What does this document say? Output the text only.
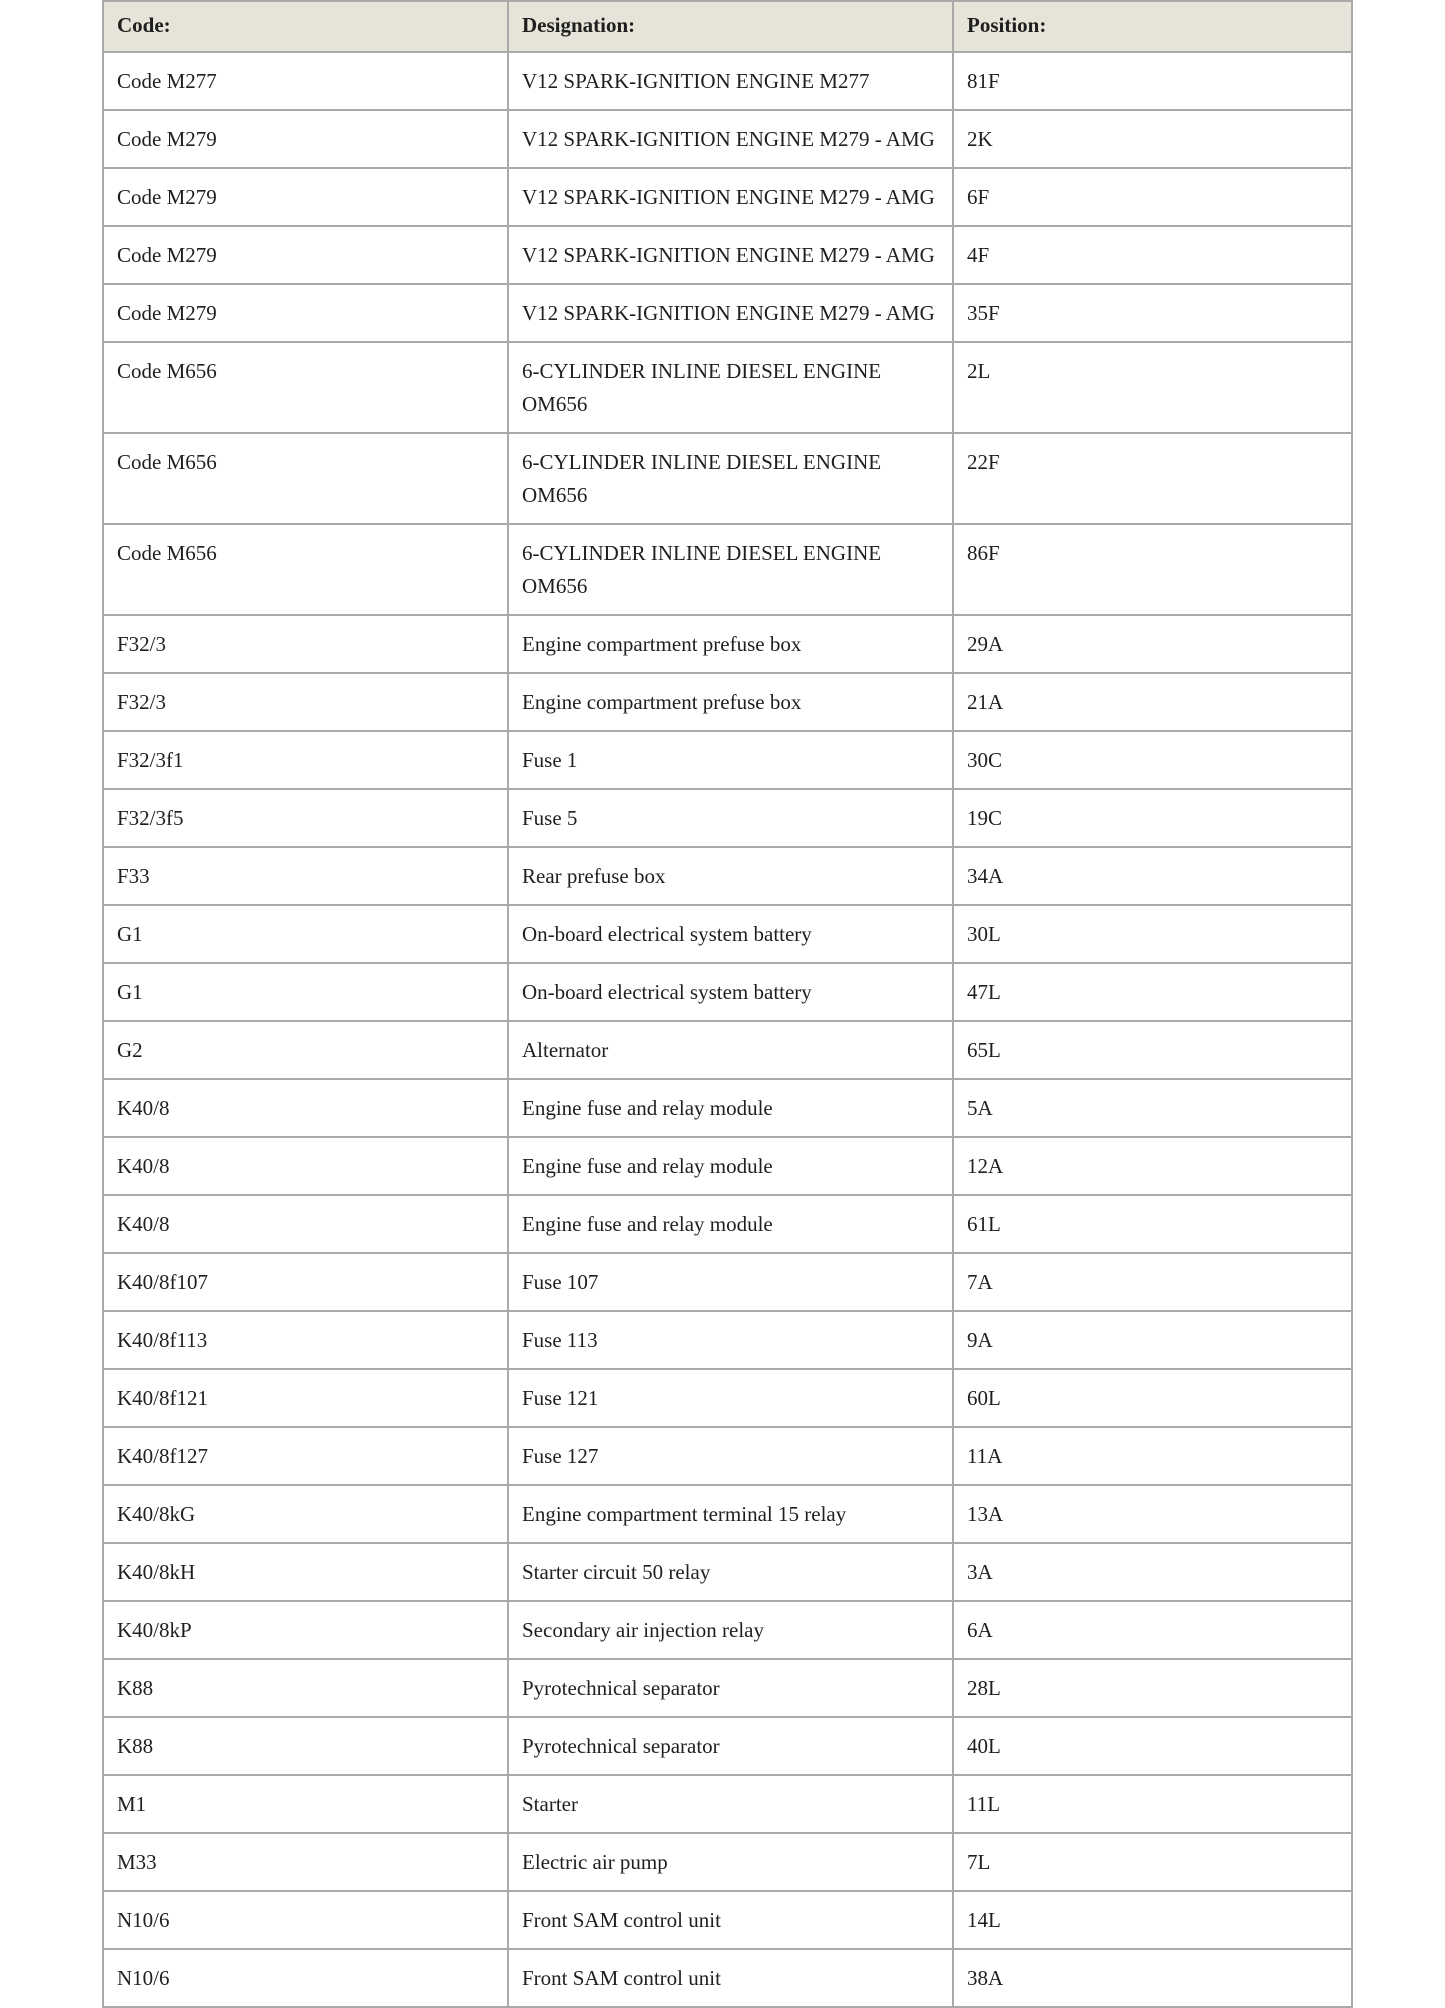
Code:	Designation:	Position:
Code M277	V12 SPARK-IGNITION ENGINE M277	81F
Code M279	V12 SPARK-IGNITION ENGINE M279 - AMG	2K
Code M279	V12 SPARK-IGNITION ENGINE M279 - AMG	6F
Code M279	V12 SPARK-IGNITION ENGINE M279 - AMG	4F
Code M279	V12 SPARK-IGNITION ENGINE M279 - AMG	35F
Code M656	6-CYLINDER INLINE DIESEL ENGINE OM656	2L
Code M656	6-CYLINDER INLINE DIESEL ENGINE OM656	22F
Code M656	6-CYLINDER INLINE DIESEL ENGINE OM656	86F
F32/3	Engine compartment prefuse box	29A
F32/3	Engine compartment prefuse box	21A
F32/3f1	Fuse 1	30C
F32/3f5	Fuse 5	19C
F33	Rear prefuse box	34A
G1	On-board electrical system battery	30L
G1	On-board electrical system battery	47L
G2	Alternator	65L
K40/8	Engine fuse and relay module	5A
K40/8	Engine fuse and relay module	12A
K40/8	Engine fuse and relay module	61L
K40/8f107	Fuse 107	7A
K40/8f113	Fuse 113	9A
K40/8f121	Fuse 121	60L
K40/8f127	Fuse 127	11A
K40/8kG	Engine compartment terminal 15 relay	13A
K40/8kH	Starter circuit 50 relay	3A
K40/8kP	Secondary air injection relay	6A
K88	Pyrotechnical separator	28L
K88	Pyrotechnical separator	40L
M1	Starter	11L
M33	Electric air pump	7L
N10/6	Front SAM control unit	14L
N10/6	Front SAM control unit	38A
